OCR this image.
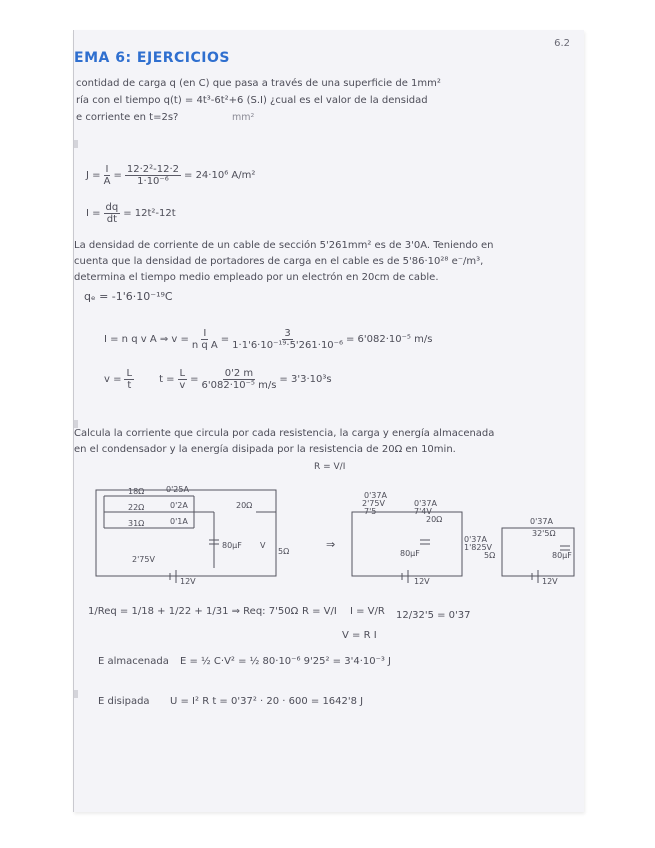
6.2
EMA 6: EJERCICIOS
contidad de carga q (en C) que pasa a través de una superficie de 1mm²
ría con el tiempo q(t) = 4t³-6t²+6 (S.I) ¿cual es el valor de la densidad
e corriente en t=2s?	mm²
$J = \frac{I}{A} = \frac{\text{12·2²-12·2}}{\text{1·10⁻⁶}} = 24\cdot 10^6$ A/m²
$I = \frac{dq}{dt} = 12t^2-12t$
La densidad de corriente de un cable de sección 5'261mm² es de 3'0A. Teniendo en
cuenta que la densidad de portadores de carga en el cable es de 5'86·10²⁸ e⁻/m³,
determina el tiempo medio empleado por un electrón en 20cm de cable.
qₑ = -1'6·10⁻¹⁹C
I = n q v A ⇒ $v = \frac{I}{\text{n q A}} = \frac{3}{\text{1·1'6·10⁻¹⁹·5'261·10⁻⁶}} = 6'082\cdot 10^{-5}$ m/s
$v = \frac{L}{t}$	$t = \frac{L}{v} = \frac{0'2 m}{\text{6'082·10⁻⁵ m/s}} = 3'3\cdot 10^3s$
Calcula la corriente que circula por cada resistencia, la carga y energía almacenada
en el condensador y la energía disipada por la resistencia de 20Ω en 10min.
R = V/I
18Ω	0'25A
22Ω	0'2A
31Ω	0'1A
20Ω
80µF V
5Ω
2'75V
12V
⇒
0'37A
2'75V
7'5
0'37A
7'4V
20Ω
80µF
0'37A
1'825V
5Ω
12V
0'37A
32'5Ω
80µF
12V
1/Req = 1/18 + 1/22 + 1/31 ⇒ Req: 7'50Ω R = V/I I = V/R 12/32'5 = 0'37
V = R I
E almacenada E = ½ C·V² = ½ 80·10⁻⁶ 9'25² = 3'4·10⁻³ J
E disipada U = I² R t = 0'37² · 20 · 600 = 1642'8 J
